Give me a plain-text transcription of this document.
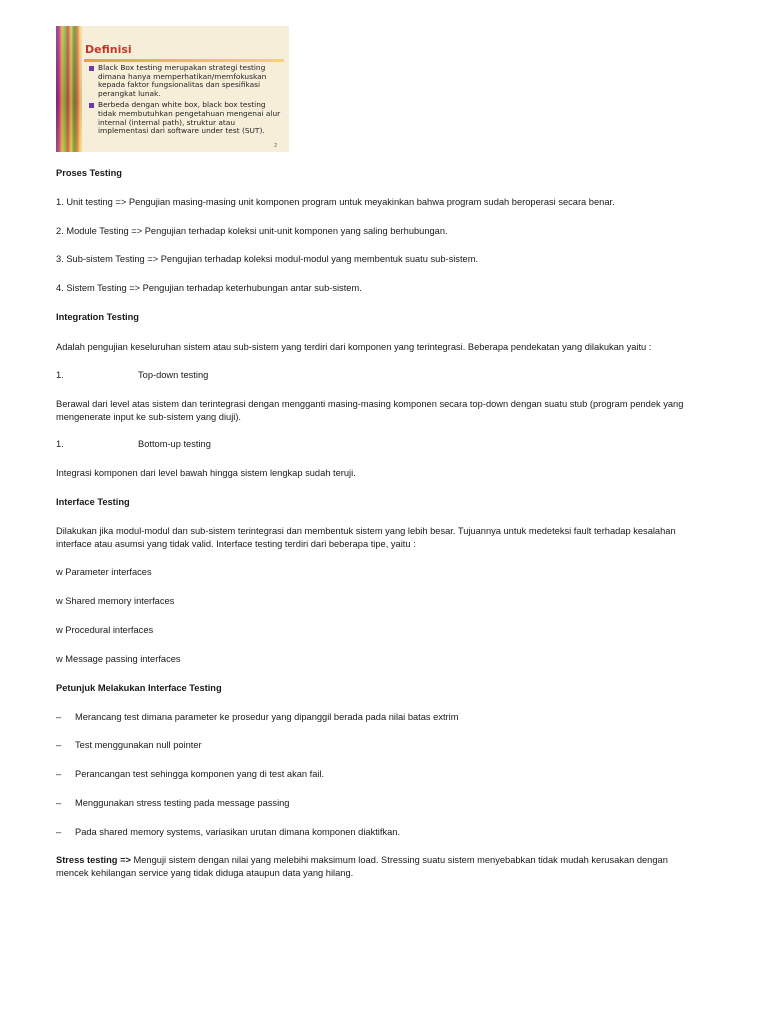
Definisi
Black Box testing merupakan strategi testing dimana hanya memperhatikan/memfokuskan kepada faktor fungsionalitas dan spesifikasi perangkat lunak.
Berbeda dengan white box, black box testing tidak membutuhkan pengetahuan mengenai alur internal (internal path), struktur atau implementasi dari software under test (SUT).
2
Proses Testing
1. Unit testing => Pengujian masing-masing unit komponen program untuk meyakinkan bahwa program sudah beroperasi secara benar.
2. Module Testing => Pengujian terhadap koleksi unit-unit komponen yang saling berhubungan.
3. Sub-sistem Testing => Pengujian terhadap koleksi modul-modul yang membentuk suatu sub-sistem.
4. Sistem Testing => Pengujian terhadap keterhubungan antar sub-sistem.
Integration Testing
Adalah pengujian keseluruhan sistem atau sub-sistem yang terdiri dari komponen yang terintegrasi. Beberapa pendekatan yang dilakukan yaitu :
1.	Top-down testing
Berawal dari level atas sistem dan terintegrasi dengan mengganti masing-masing komponen secara top-down dengan suatu stub (program pendek yang mengenerate input ke sub-sistem yang diuji).
1.	Bottom-up testing
Integrasi komponen dari level bawah hingga sistem lengkap sudah teruji.
Interface Testing
Dilakukan jika modul-modul dan sub-sistem terintegrasi dan membentuk sistem yang lebih besar. Tujuannya untuk medeteksi fault terhadap kesalahan interface atau asumsi yang tidak valid. Interface testing terdiri dari beberapa tipe, yaitu :
w Parameter interfaces
w Shared memory interfaces
w Procedural interfaces
w Message passing interfaces
Petunjuk Melakukan Interface Testing
– Merancang test dimana parameter ke prosedur yang dipanggil berada pada nilai batas extrim
– Test menggunakan null pointer
– Perancangan test sehingga komponen yang di test akan fail.
– Menggunakan stress testing pada message passing
– Pada shared memory systems, variasikan urutan dimana komponen diaktifkan.
Stress testing => Menguji sistem dengan nilai yang melebihi maksimum load. Stressing suatu sistem menyebabkan tidak mudah kerusakan dengan mencek kehilangan service yang tidak diduga ataupun data yang hilang.
